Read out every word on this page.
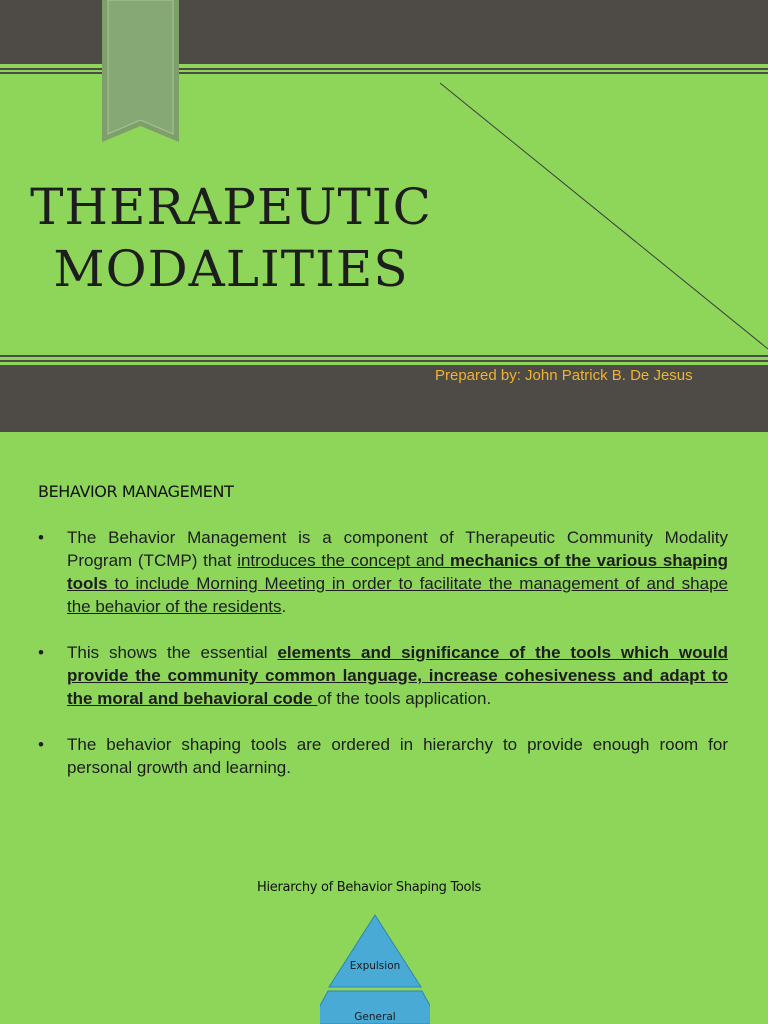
THERAPEUTIC
MODALITIES
Prepared by: John Patrick B. De Jesus
BEHAVIOR MANAGEMENT
•	The Behavior Management is a component of Therapeutic Community Modality Program (TCMP) that introduces the concept and mechanics of the various shaping tools to include Morning Meeting in order to facilitate the management of and shape the behavior of the residents.
•	This shows the essential elements and significance of the tools which would provide the community common language, increase cohesiveness and adapt to the moral and behavioral code of the tools application.
•	The behavior shaping tools are ordered in hierarchy to provide enough room for personal growth and learning.
Hierarchy of Behavior Shaping Tools
Expulsion
General
